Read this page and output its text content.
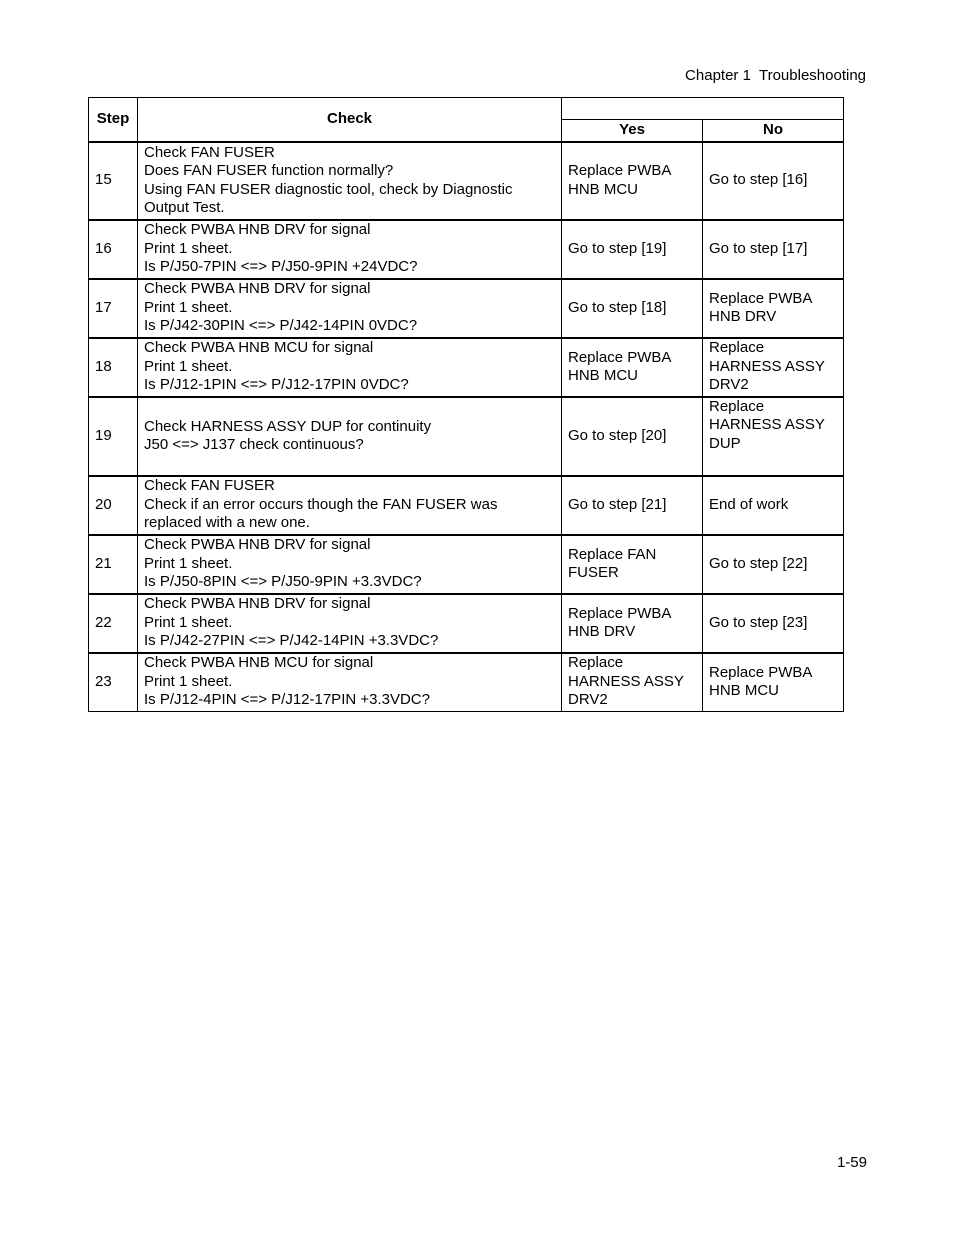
Chapter 1  Troubleshooting
Step	Check		
		Yes	No
15	Check FAN FUSER
Does FAN FUSER function normally?
Using FAN FUSER diagnostic tool, check by Diagnostic Output Test.	Replace PWBA HNB MCU	Go to step [16]

16	Check PWBA HNB DRV for signal
Print 1 sheet.
Is P/J50-7PIN <=> P/J50-9PIN +24VDC?	Go to step [19]	Go to step [17]

17	Check PWBA HNB DRV for signal
Print 1 sheet.
Is P/J42-30PIN <=> P/J42-14PIN 0VDC?	Go to step [18]	Replace PWBA HNB DRV

18	Check PWBA HNB MCU for signal
Print 1 sheet.
Is P/J12-1PIN <=> P/J12-17PIN 0VDC?	Replace PWBA HNB MCU	Replace HARNESS ASSY DRV2

19	Check HARNESS ASSY DUP for continuity
J50 <=> J137 check continuous?	Go to step [20]	Replace HARNESS ASSY DUP

20	Check FAN FUSER
Check if an error occurs though the FAN FUSER was replaced with a new one.	Go to step [21]	End of work

21	Check PWBA HNB DRV for signal
Print 1 sheet.
Is P/J50-8PIN <=> P/J50-9PIN +3.3VDC?	Replace FAN FUSER	Go to step [22]

22	Check PWBA HNB DRV for signal
Print 1 sheet.
Is P/J42-27PIN <=> P/J42-14PIN +3.3VDC?	Replace PWBA HNB DRV	Go to step [23]

23	Check PWBA HNB MCU for signal
Print 1 sheet.
Is P/J12-4PIN <=> P/J12-17PIN +3.3VDC?	Replace HARNESS ASSY DRV2	Replace PWBA HNB MCU
1-59
